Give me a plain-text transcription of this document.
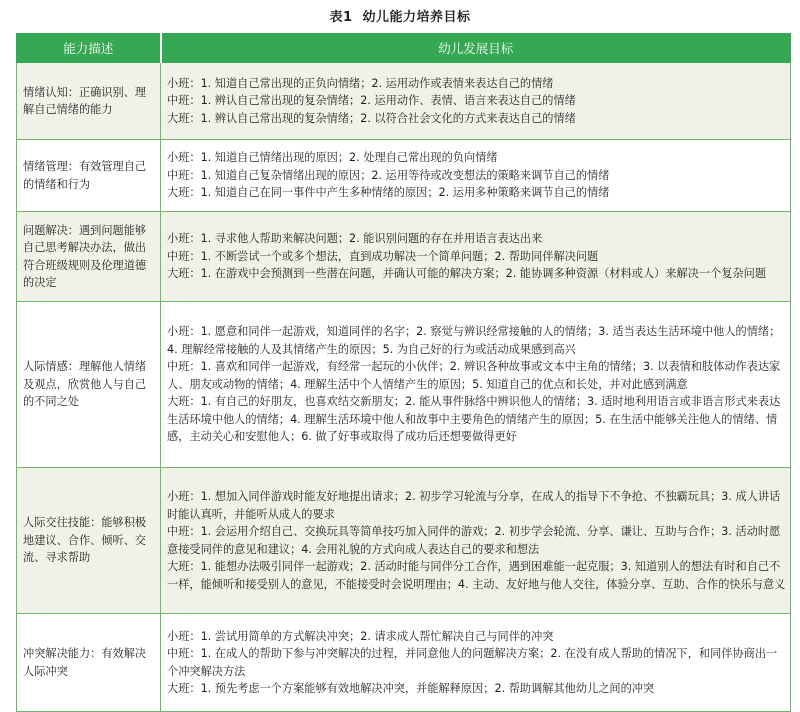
表1 幼儿能力培养目标
能力描述	幼儿发展目标
情绪认知：正确识别、理解自己情绪的能力	小班：1. 知道自己常出现的正负向情绪；2. 运用动作或表情来表达自己的情绪
中班：1. 辨认自己常出现的复杂情绪；2. 运用动作、表情、语言来表达自己的情绪
大班：1. 辨认自己常出现的复杂情绪；2. 以符合社会文化的方式来表达自己的情绪

情绪管理：有效管理自己的情绪和行为	小班：1. 知道自己情绪出现的原因；2. 处理自己常出现的负向情绪
中班：1. 知道自己复杂情绪出现的原因；2. 运用等待或改变想法的策略来调节自己的情绪
大班：1. 知道自己在同一事件中产生多种情绪的原因；2. 运用多种策略来调节自己的情绪

问题解决：遇到问题能够自己思考解决办法，做出符合班级规则及伦理道德的决定	小班：1. 寻求他人帮助来解决问题；2. 能识别问题的存在并用语言表达出来
中班：1. 不断尝试一个或多个想法，直到成功解决一个简单问题；2. 帮助同伴解决问题
大班：1. 在游戏中会预测到一些潜在问题，并确认可能的解决方案；2. 能协调多种资源（材料或人）来解决一个复杂问题

人际情感：理解他人情绪及观点，欣赏他人与自己的不同之处	小班：1. 愿意和同伴一起游戏，知道同伴的名字；2. 察觉与辨识经常接触的人的情绪；3. 适当表达生活环境中他人的情绪；4. 理解经常接触的人及其情绪产生的原因；5. 为自己好的行为或活动成果感到高兴
中班：1. 喜欢和同伴一起游戏，有经常一起玩的小伙伴；2. 辨识各种故事或文本中主角的情绪；3. 以表情和肢体动作表达家人、朋友或动物的情绪；4. 理解生活中个人情绪产生的原因；5. 知道自己的优点和长处，并对此感到满意
大班：1. 有自己的好朋友，也喜欢结交新朋友；2. 能从事件脉络中辨识他人的情绪；3. 适时地利用语言或非语言形式来表达生活环境中他人的情绪；4. 理解生活环境中他人和故事中主要角色的情绪产生的原因；5. 在生活中能够关注他人的情绪、情感，主动关心和安慰他人；6. 做了好事或取得了成功后还想要做得更好

人际交往技能：能够积极地建议、合作、倾听、交流、寻求帮助	小班：1. 想加入同伴游戏时能友好地提出请求；2. 初步学习轮流与分享，在成人的指导下不争抢、不独霸玩具；3. 成人讲话时能认真听，并能听从成人的要求
中班：1. 会运用介绍自己、交换玩具等简单技巧加入同伴的游戏；2. 初步学会轮流、分享、谦让、互助与合作；3. 活动时愿意接受同伴的意见和建议；4. 会用礼貌的方式向成人表达自己的要求和想法
大班：1. 能想办法吸引同伴一起游戏；2. 活动时能与同伴分工合作，遇到困难能一起克服；3. 知道别人的想法有时和自己不一样，能倾听和接受别人的意见，不能接受时会说明理由；4. 主动、友好地与他人交往，体验分享、互助、合作的快乐与意义

冲突解决能力：有效解决人际冲突	小班：1. 尝试用简单的方式解决冲突；2. 请求成人帮忙解决自己与同伴的冲突
中班：1. 在成人的帮助下参与冲突解决的过程，并同意他人的问题解决方案；2. 在没有成人帮助的情况下，和同伴协商出一个冲突解决方法
大班：1. 预先考虑一个方案能够有效地解决冲突，并能解释原因；2. 帮助调解其他幼儿之间的冲突
